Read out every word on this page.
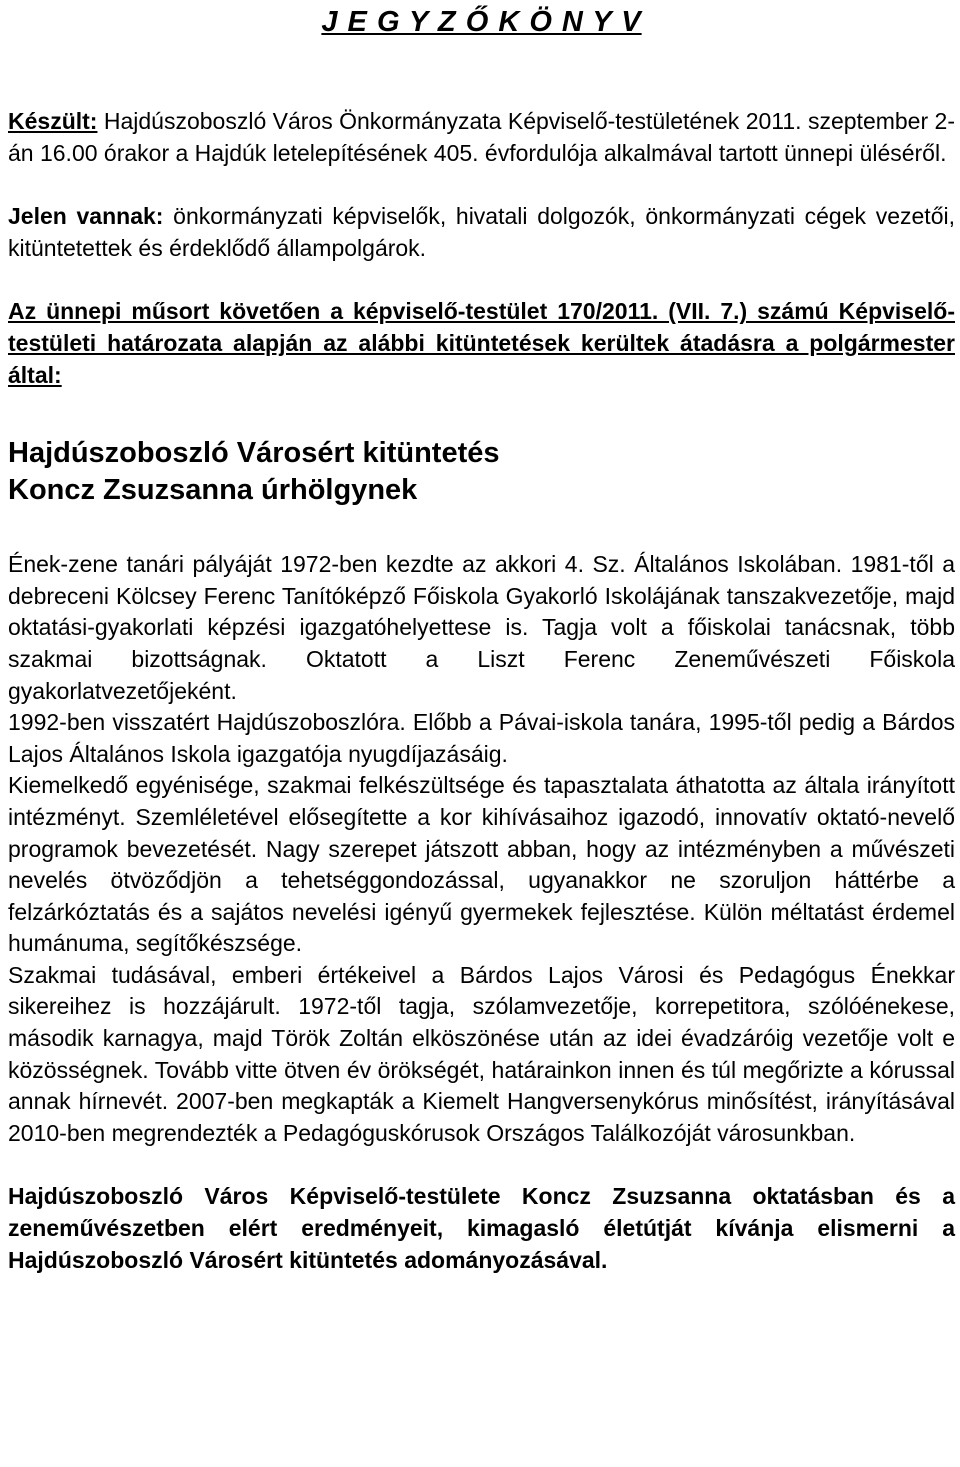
J E G Y Z Ő K Ö N Y V

Készült: Hajdúszoboszló Város Önkormányzata Képviselő-testületének 2011. szeptember 2-án 16.00 órakor a Hajdúk letelepítésének 405. évfordulója alkalmával tartott ünnepi üléséről.

Jelen vannak: önkormányzati képviselők, hivatali dolgozók, önkormányzati cégek vezetői, kitüntetettek és érdeklődő állampolgárok.

Az ünnepi műsort követően a képviselő-testület 170/2011. (VII. 7.) számú Képviselő-testületi határozata alapján az alábbi kitüntetések kerültek átadásra a polgármester által:

Hajdúszoboszló Városért kitüntetés
Koncz Zsuzsanna úrhölgynek

Ének-zene tanári pályáját 1972-ben kezdte az akkori 4. Sz. Általános Iskolában. 1981-től a debreceni Kölcsey Ferenc Tanítóképző Főiskola Gyakorló Iskolájának tanszakvezetője, majd oktatási-gyakorlati képzési igazgatóhelyettese is. Tagja volt a főiskolai tanácsnak, több szakmai bizottságnak. Oktatott a Liszt Ferenc Zeneművészeti Főiskola gyakorlatvezetőjeként.

1992-ben visszatért Hajdúszoboszlóra. Előbb a Pávai-iskola tanára, 1995-től pedig a Bárdos Lajos Általános Iskola igazgatója nyugdíjazásáig.

Kiemelkedő egyénisége, szakmai felkészültsége és tapasztalata áthatotta az általa irányított intézményt. Szemléletével elősegítette a kor kihívásaihoz igazodó, innovatív oktató-nevelő programok bevezetését. Nagy szerepet játszott abban, hogy az intézményben a művészeti nevelés ötvöződjön a tehetséggondozással, ugyanakkor ne szoruljon háttérbe a felzárkóztatás és a sajátos nevelési igényű gyermekek fejlesztése. Külön méltatást érdemel humánuma, segítőkészsége.

Szakmai tudásával, emberi értékeivel a Bárdos Lajos Városi és Pedagógus Énekkar sikereihez is hozzájárult. 1972-től tagja, szólamvezetője, korrepetitora, szólóénekese, második karnagya, majd Török Zoltán elköszönése után az idei évadzáróig vezetője volt e közösségnek. Tovább vitte ötven év örökségét, határainkon innen és túl megőrizte a kórussal annak hírnevét. 2007-ben megkapták a Kiemelt Hangversenykórus minősítést, irányításával 2010-ben megrendezték a Pedagóguskórusok Országos Találkozóját városunkban.

Hajdúszoboszló Város Képviselő-testülete Koncz Zsuzsanna oktatásban és a zeneművészetben elért eredményeit, kimagasló életútját kívánja elismerni a Hajdúszoboszló Városért kitüntetés adományozásával.
